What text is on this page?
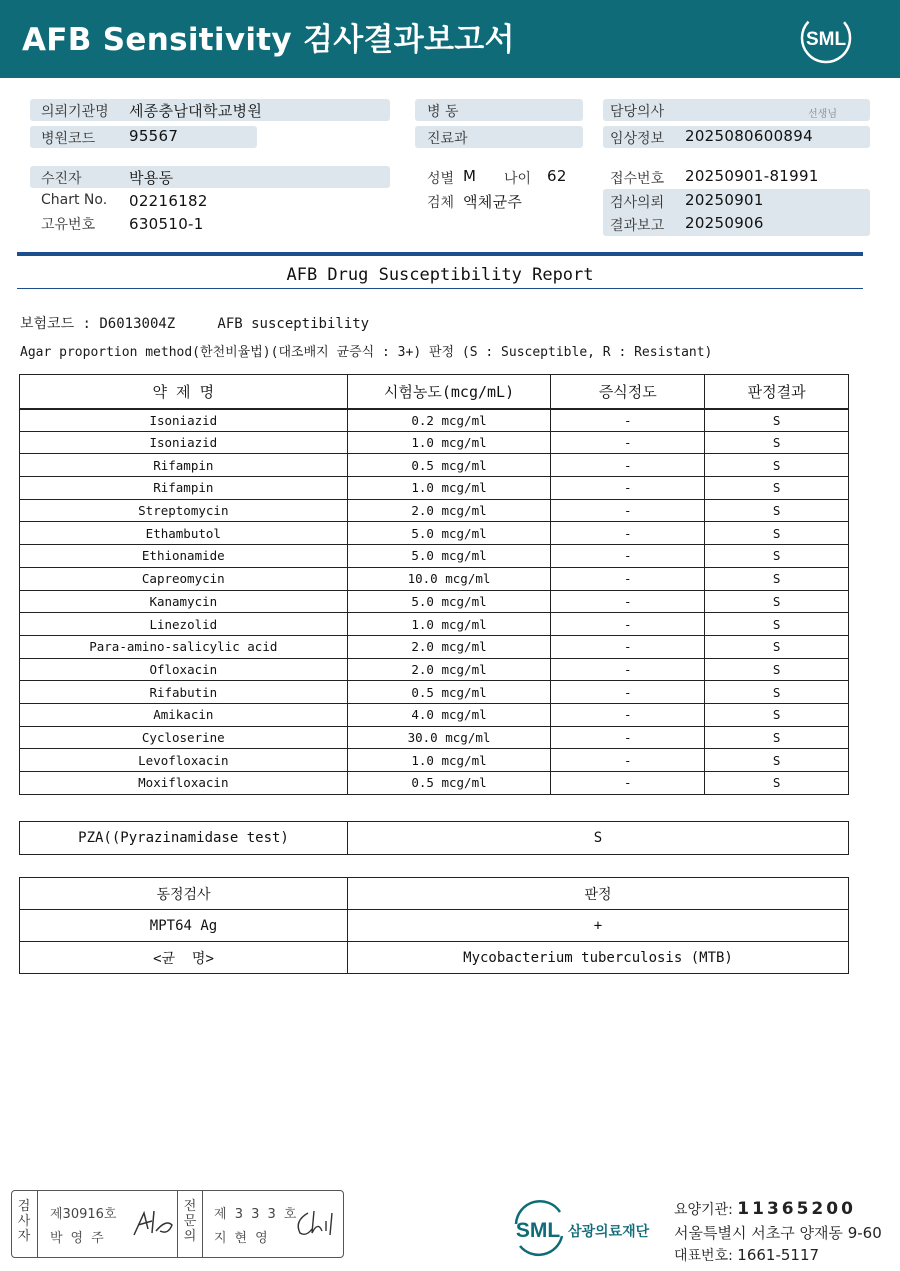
AFB Sensitivity 검사결과보고서	SML
의뢰기관명 세종충남대학교병원
병원코드 95567
수진자	박용동
Chart No. 02216182
고유번호 630510-1
병 동
진료과
성별 M 나이 62
검체 액체균주
담당의사	선생님
임상정보 2025080600894
접수번호 20250901-81991
검사의뢰 20250901
결과보고 20250906
AFB Drug Susceptibility Report
보험코드 : D6013004Z     AFB susceptibility
Agar proportion method(한천비율법)(대조배지 균증식 : 3+) 판정 (S : Susceptible, R : Resistant)
약 제 명	시험농도(mcg/mL)	증식정도	판정결과
Isoniazid	0.2 mcg/ml	-	S
Isoniazid	1.0 mcg/ml	-	S
Rifampin	0.5 mcg/ml	-	S
Rifampin	1.0 mcg/ml	-	S
Streptomycin	2.0 mcg/ml	-	S
Ethambutol	5.0 mcg/ml	-	S
Ethionamide	5.0 mcg/ml	-	S
Capreomycin	10.0 mcg/ml	-	S
Kanamycin	5.0 mcg/ml	-	S
Linezolid	1.0 mcg/ml	-	S
Para-amino-salicylic acid	2.0 mcg/ml	-	S
Ofloxacin	2.0 mcg/ml	-	S
Rifabutin	0.5 mcg/ml	-	S
Amikacin	4.0 mcg/ml	-	S
Cycloserine	30.0 mcg/ml	-	S
Levofloxacin	1.0 mcg/ml	-	S
Moxifloxacin	0.5 mcg/ml	-	S
PZA((Pyrazinamidase test)	S
동정검사	판정
MPT64 Ag	+
<균  명>	Mycobacterium tuberculosis (MTB)
검사자
제30916호
박영주
전문의
제 3 3 3 호
지현영	SML 삼광의료재단
요양기관: 11365200
서울특별시 서초구 양재동 9-60
대표번호: 1661-5117
